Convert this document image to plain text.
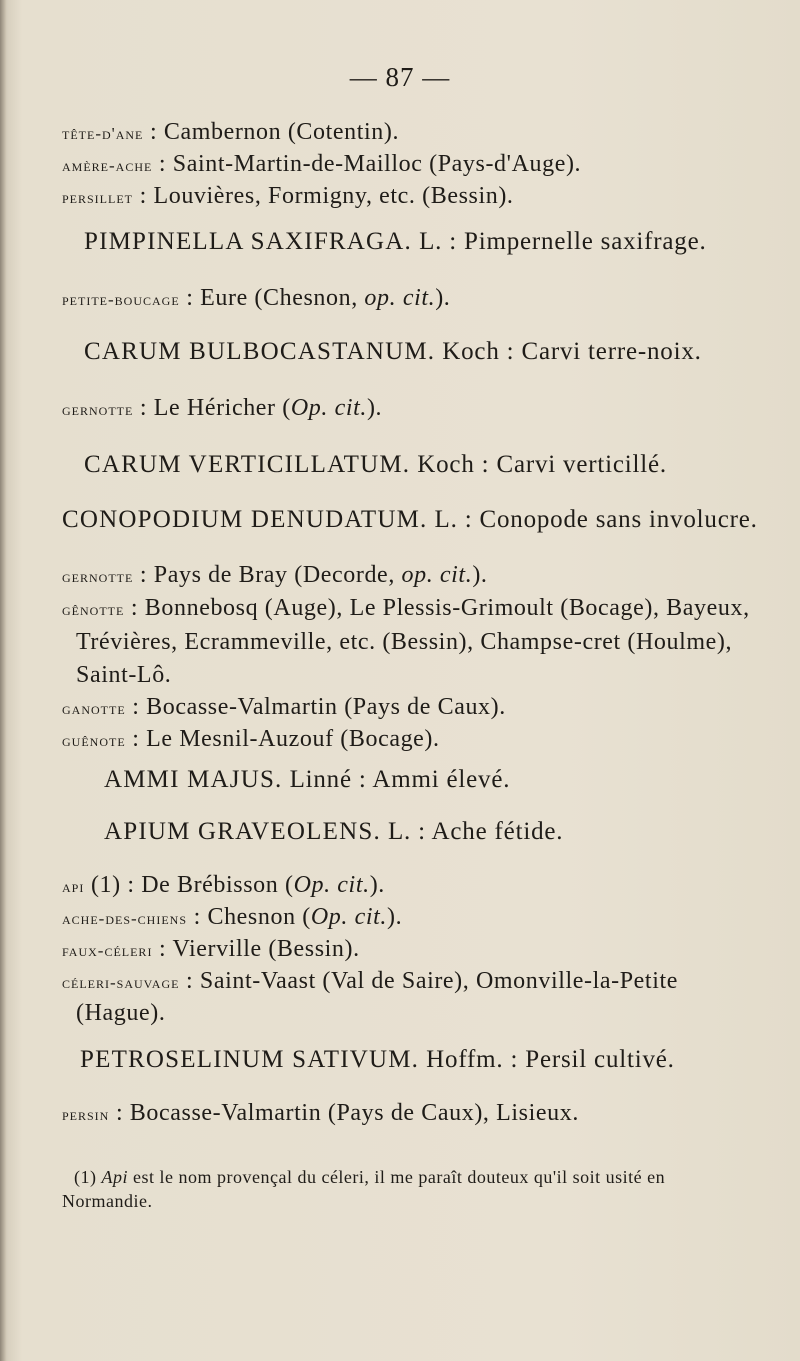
— 87 —
tête-d'ane : Cambernon (Cotentin).
amère-ache : Saint-Martin-de-Mailloc (Pays-d'Auge).
persillet : Louvières, Formigny, etc. (Bessin).
PIMPINELLA SAXIFRAGA. L. : Pimpernelle saxifrage.
petite-boucage : Eure (Chesnon, op. cit.).
CARUM BULBOCASTANUM. Koch : Carvi terre-noix.
gernotte : Le Héricher (Op. cit.).
CARUM VERTICILLATUM. Koch : Carvi verticillé.
CONOPODIUM DENUDATUM. L. : Conopode sans involucre.
gernotte : Pays de Bray (Decorde, op. cit.).
gênotte : Bonnebosq (Auge), Le Plessis-Grimoult (Bocage), Bayeux, Trévières, Ecrammeville, etc. (Bessin), Champse-cret (Houlme), Saint-Lô.
ganotte : Bocasse-Valmartin (Pays de Caux).
guênote : Le Mesnil-Auzouf (Bocage).
AMMI MAJUS. Linné : Ammi élevé.
APIUM GRAVEOLENS. L. : Ache fétide.
api (1) : De Brébisson (Op. cit.).
ache-des-chiens : Chesnon (Op. cit.).
faux-céleri : Vierville (Bessin).
céleri-sauvage : Saint-Vaast (Val de Saire), Omonville-la-Petite (Hague).
PETROSELINUM SATIVUM. Hoffm. : Persil cultivé.
persin : Bocasse-Valmartin (Pays de Caux), Lisieux.
(1) Api est le nom provençal du céleri, il me paraît douteux qu'il soit usité en Normandie.
